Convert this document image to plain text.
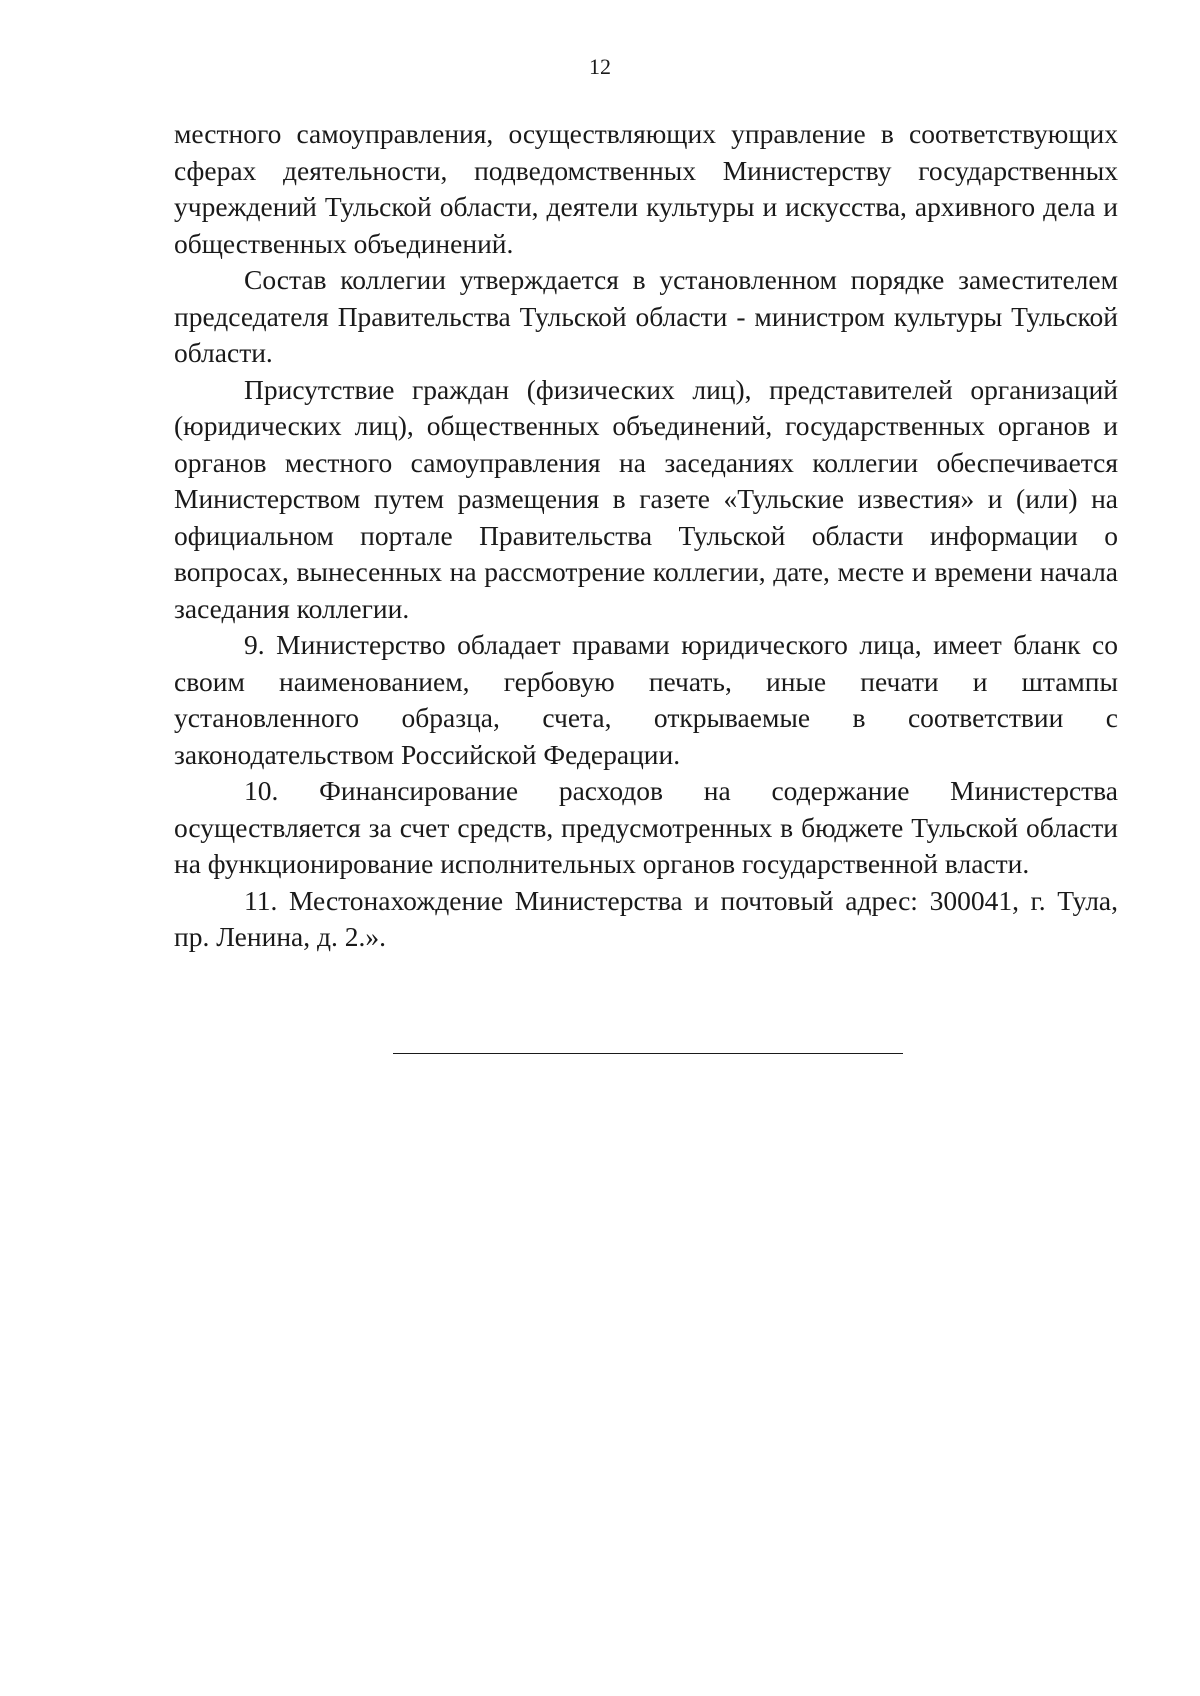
12

местного самоуправления, осуществляющих управление в соответствующих сферах деятельности, подведомственных Министерству государственных учреждений Тульской области, деятели культуры и искусства, архивного дела и общественных объединений.

Состав коллегии утверждается в установленном порядке заместителем председателя Правительства Тульской области - министром культуры Тульской области.

Присутствие граждан (физических лиц), представителей организаций (юридических лиц), общественных объединений, государственных органов и органов местного самоуправления на заседаниях коллегии обеспечивается Министерством путем размещения в газете «Тульские известия» и (или) на официальном портале Правительства Тульской области информации о вопросах, вынесенных на рассмотрение коллегии, дате, месте и времени начала заседания коллегии.

9. Министерство обладает правами юридического лица, имеет бланк со своим наименованием, гербовую печать, иные печати и штампы установленного образца, счета, открываемые в соответствии с законодательством Российской Федерации.

10. Финансирование расходов на содержание Министерства осуществляется за счет средств, предусмотренных в бюджете Тульской области на функционирование исполнительных органов государственной власти.

11. Местонахождение Министерства и почтовый адрес: 300041, г. Тула, пр. Ленина, д. 2.».
